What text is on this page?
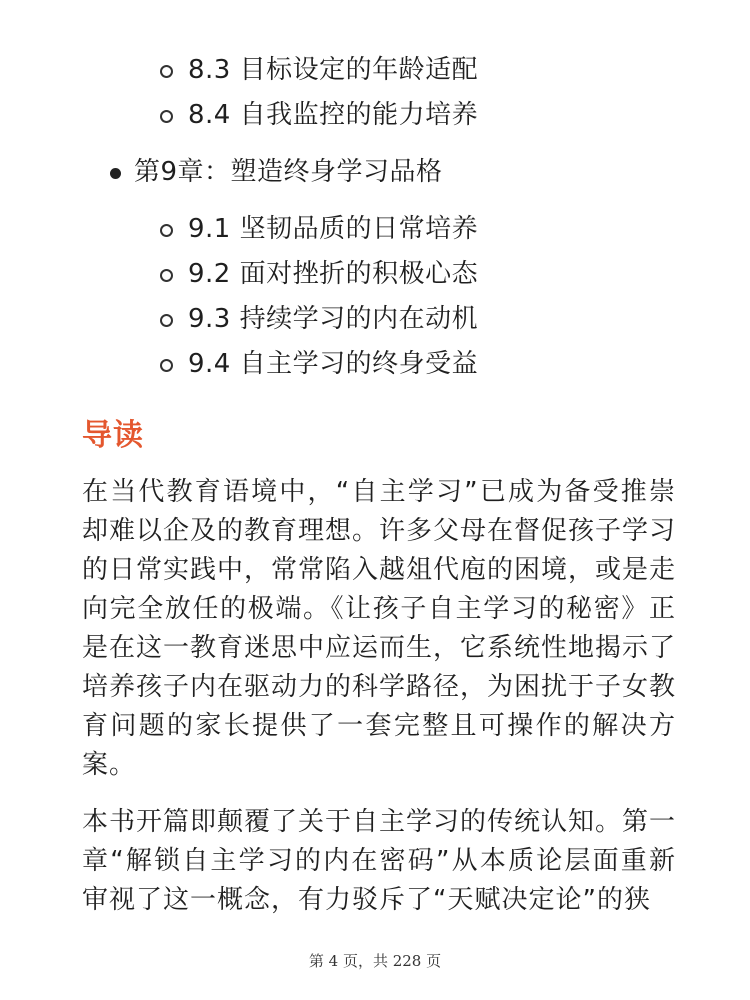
8.3 目标设定的年龄适配
8.4 自我监控的能力培养
第9章：塑造终身学习品格
9.1 坚韧品质的日常培养
9.2 面对挫折的积极心态
9.3 持续学习的内在动机
9.4 自主学习的终身受益
导读
在当代教育语境中，“自主学习”已成为备受推崇却难以企及的教育理想。许多父母在督促孩子学习的日常实践中，常常陷入越俎代庖的困境，或是走向完全放任的极端。《让孩子自主学习的秘密》正是在这一教育迷思中应运而生，它系统性地揭示了培养孩子内在驱动力的科学路径，为困扰于子女教育问题的家长提供了一套完整且可操作的解决方案。
本书开篇即颠覆了关于自主学习的传统认知。第一章“解锁自主学习的内在密码”从本质论层面重新审视了这一概念，有力驳斥了“天赋决定论”的狭
第 4 页，共 228 页
